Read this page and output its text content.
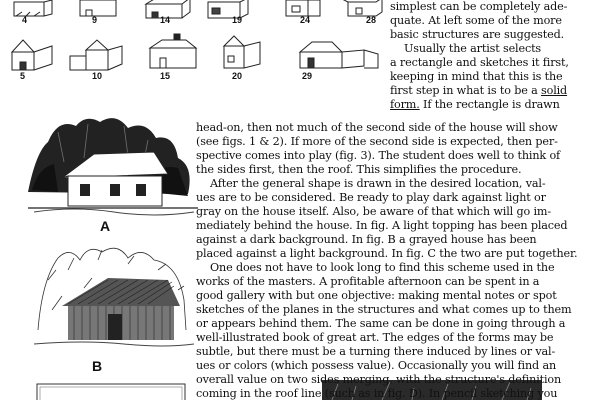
4	9	14	19	24	28
5	10	15	20	29
A
B
simplest can be completely ade-
quate. At left some of the more
basic structures are suggested.
Usually the artist selects
a rectangle and sketches it first,
keeping in mind that this is the
first step in what is to be a solid
form. If the rectangle is drawn
head-on, then not much of the second side of the house will show
(see figs. 1 & 2). If more of the second side is expected, then per-
spective comes into play (fig. 3). The student does well to think of
the sides first, then the roof. This simplifies the procedure.
After the general shape is drawn in the desired location, val-
ues are to be considered. Be ready to play dark against light or
gray on the house itself. Also, be aware of that which will go im-
mediately behind the house. In fig. A light topping has been placed
against a dark background. In fig. B a grayed house has been
placed against a light background. In fig. C the two are put together.
One does not have to look long to find this scheme used in the
works of the masters. A profitable afternoon can be spent in a
good gallery with but one objective: making mental notes or spot
sketches of the planes in the structures and what comes up to them
or appears behind them. The same can be done in going through a
well-illustrated book of great art. The edges of the forms may be
subtle, but there must be a turning there induced by lines or val-
ues or colors (which possess value). Occasionally you will find an
overall value on two sides merging, with the structure's definition
coming in the roof line (such as in fig. D). In pencil sketching you
